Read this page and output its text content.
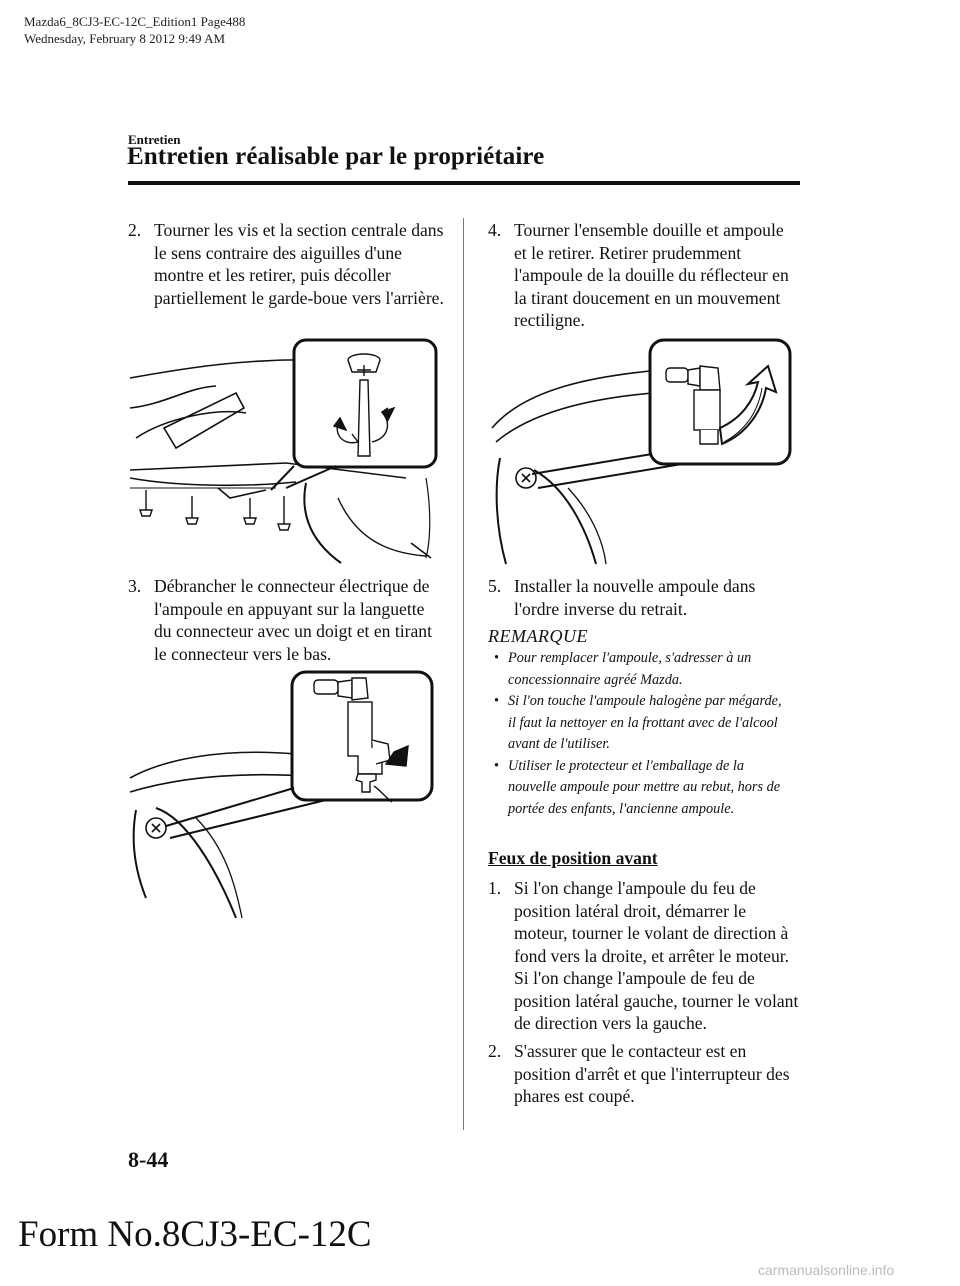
Mazda6_8CJ3-EC-12C_Edition1 Page488
Wednesday, February 8 2012 9:49 AM
Entretien
Entretien réalisable par le propriétaire
2. Tourner les vis et la section centrale dans le sens contraire des aiguilles d'une montre et les retirer, puis décoller partiellement le garde-boue vers l'arrière.
3. Débrancher le connecteur électrique de l'ampoule en appuyant sur la languette du connecteur avec un doigt et en tirant le connecteur vers le bas.
4. Tourner l'ensemble douille et ampoule et le retirer. Retirer prudemment l'ampoule de la douille du réflecteur en la tirant doucement en un mouvement rectiligne.
5. Installer la nouvelle ampoule dans l'ordre inverse du retrait.
REMARQUE
• Pour remplacer l'ampoule, s'adresser à un concessionnaire agréé Mazda.
• Si l'on touche l'ampoule halogène par mégarde, il faut la nettoyer en la frottant avec de l'alcool avant de l'utiliser.
• Utiliser le protecteur et l'emballage de la nouvelle ampoule pour mettre au rebut, hors de portée des enfants, l'ancienne ampoule.
Feux de position avant
1. Si l'on change l'ampoule du feu de position latéral droit, démarrer le moteur, tourner le volant de direction à fond vers la droite, et arrêter le moteur. Si l'on change l'ampoule de feu de position latéral gauche, tourner le volant de direction vers la gauche.
2. S'assurer que le contacteur est en position d'arrêt et que l'interrupteur des phares est coupé.
8-44
Form No.8CJ3-EC-12C
carmanualsonline.info
